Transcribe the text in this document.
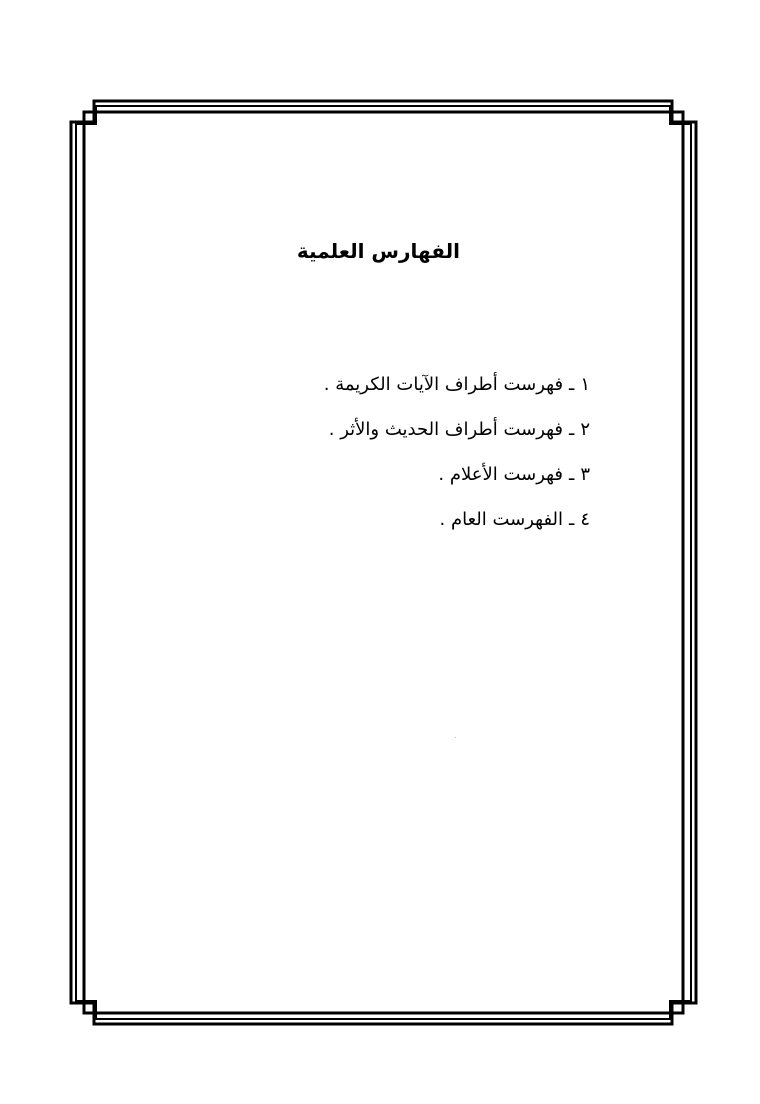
الفهارس العلمية
١ـفهرست أطراف الآيات الكريمة .
٢ـفهرست أطراف الحديث والأثر .
٣ـفهرست الأعلام .
٤ـالفهرست العام .
